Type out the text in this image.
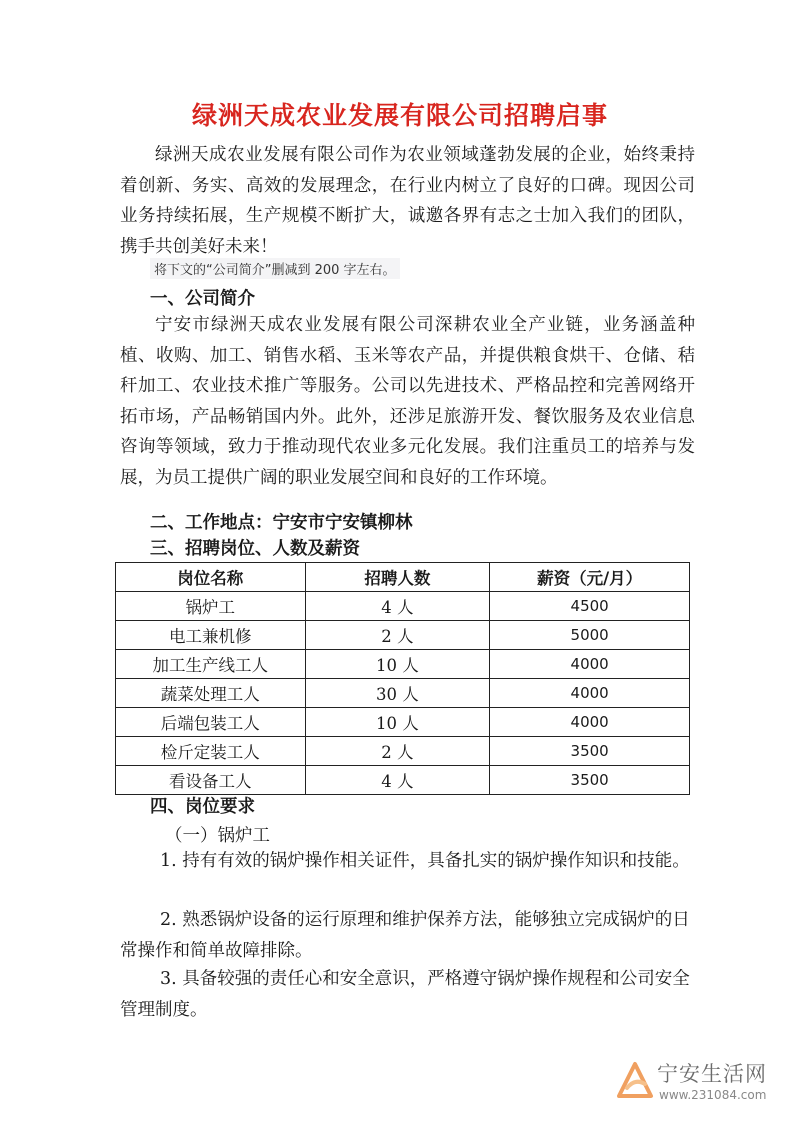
绿洲天成农业发展有限公司招聘启事
绿洲天成农业发展有限公司作为农业领域蓬勃发展的企业，始终秉持着创新、务实、高效的发展理念，在行业内树立了良好的口碑。现因公司业务持续拓展，生产规模不断扩大，诚邀各界有志之士加入我们的团队，携手共创美好未来！
将下文的“公司简介”删减到 200 字左右。
一、公司简介
宁安市绿洲天成农业发展有限公司深耕农业全产业链，业务涵盖种植、收购、加工、销售水稻、玉米等农产品，并提供粮食烘干、仓储、秸秆加工、农业技术推广等服务。公司以先进技术、严格品控和完善网络开拓市场，产品畅销国内外。此外，还涉足旅游开发、餐饮服务及农业信息咨询等领域，致力于推动现代农业多元化发展。我们注重员工的培养与发展，为员工提供广阔的职业发展空间和良好的工作环境。
二、工作地点：宁安市宁安镇柳林
三、招聘岗位、人数及薪资
岗位名称	招聘人数	薪资（元/月）
锅炉工	4 人	4500
电工兼机修	2 人	5000
加工生产线工人	10 人	4000
蔬菜处理工人	30 人	4000
后端包装工人	10 人	4000
检斤定装工人	2 人	3500
看设备工人	4 人	3500
四、岗位要求
（一）锅炉工
1. 持有有效的锅炉操作相关证件，具备扎实的锅炉操作知识和技能。
2. 熟悉锅炉设备的运行原理和维护保养方法，能够独立完成锅炉的日常操作和简单故障排除。
3. 具备较强的责任心和安全意识，严格遵守锅炉操作规程和公司安全管理制度。
宁安生活网
www.231084.com
